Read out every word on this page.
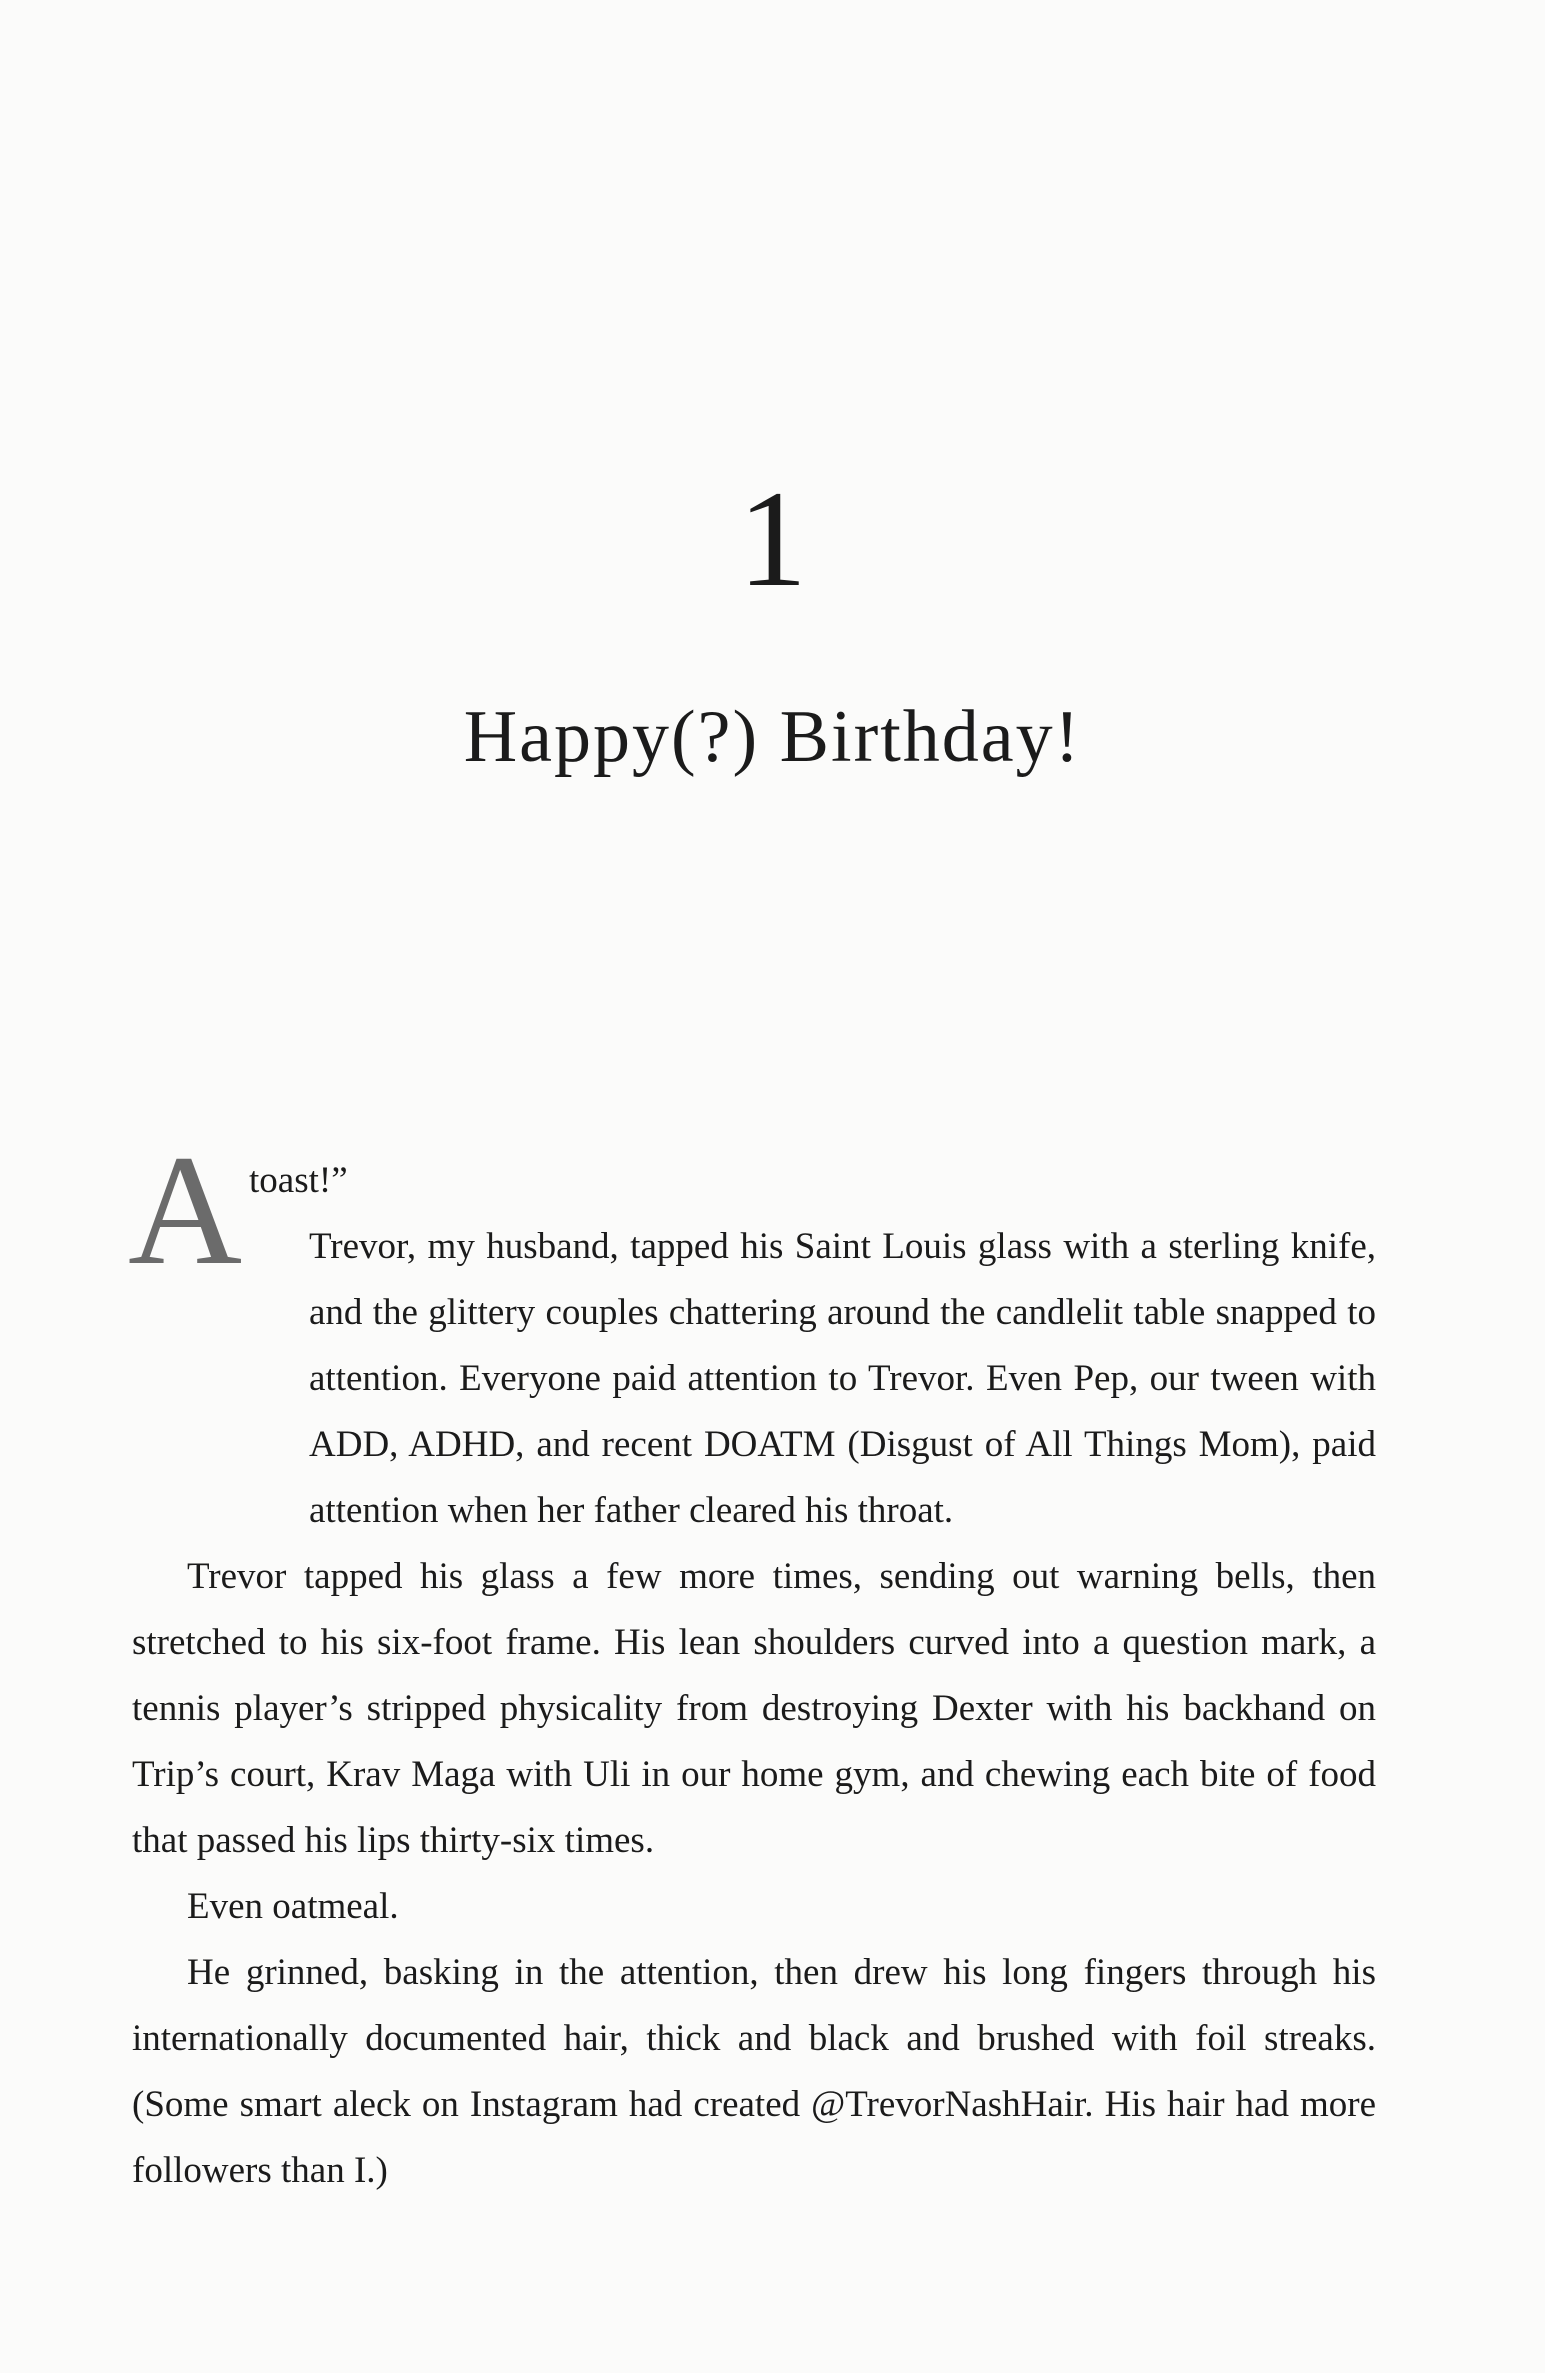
1
Happy(?) Birthday!
A toast!”

Trevor, my husband, tapped his Saint Louis glass with a sterling knife, and the glittery couples chattering around the candlelit table snapped to attention. Everyone paid attention to Trevor. Even Pep, our tween with ADD, ADHD, and recent DOATM (Disgust of All Things Mom), paid attention when her father cleared his throat.

Trevor tapped his glass a few more times, sending out warning bells, then stretched to his six-foot frame. His lean shoulders curved into a question mark, a tennis player’s stripped physicality from destroying Dexter with his backhand on Trip’s court, Krav Maga with Uli in our home gym, and chewing each bite of food that passed his lips thirty-six times.

Even oatmeal.

He grinned, basking in the attention, then drew his long fingers through his internationally documented hair, thick and black and brushed with foil streaks. (Some smart aleck on Instagram had created @TrevorNashHair. His hair had more followers than I.)
